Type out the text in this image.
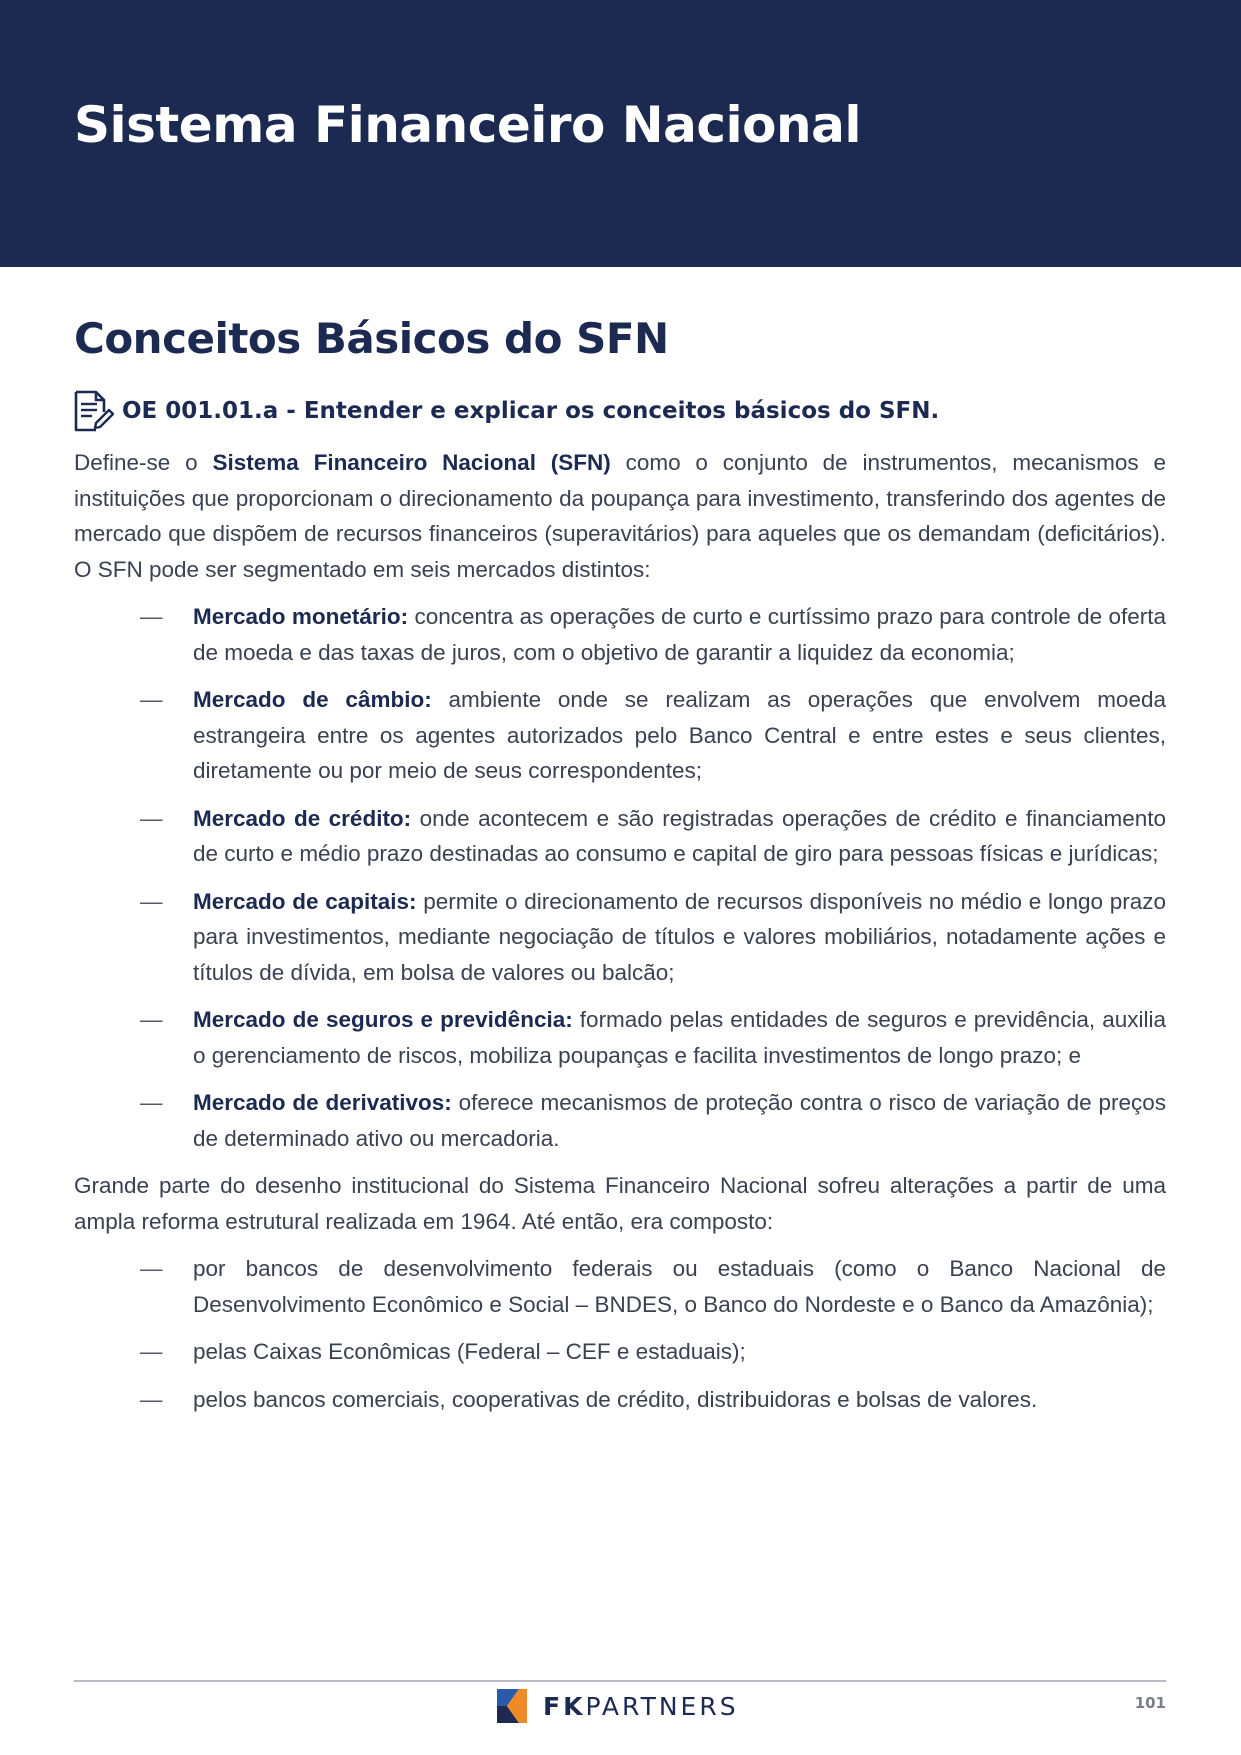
Sistema Financeiro Nacional
Conceitos Básicos do SFN
OE 001.01.a - Entender e explicar os conceitos básicos do SFN.

Define-se o Sistema Financeiro Nacional (SFN) como o conjunto de instrumentos, mecanismos e instituições que proporcionam o direcionamento da poupança para investimento, transferindo dos agentes de mercado que dispõem de recursos financeiros (superavitários) para aqueles que os demandam (deficitários). O SFN pode ser segmentado em seis mercados distintos:

— Mercado monetário: concentra as operações de curto e curtíssimo prazo para controle de oferta de moeda e das taxas de juros, com o objetivo de garantir a liquidez da economia;
— Mercado de câmbio: ambiente onde se realizam as operações que envolvem moeda estrangeira entre os agentes autorizados pelo Banco Central e entre estes e seus clientes, diretamente ou por meio de seus correspondentes;
— Mercado de crédito: onde acontecem e são registradas operações de crédito e financiamento de curto e médio prazo destinadas ao consumo e capital de giro para pessoas físicas e jurídicas;
— Mercado de capitais: permite o direcionamento de recursos disponíveis no médio e longo prazo para investimentos, mediante negociação de títulos e valores mobiliários, notadamente ações e títulos de dívida, em bolsa de valores ou balcão;
— Mercado de seguros e previdência: formado pelas entidades de seguros e previdência, auxilia o gerenciamento de riscos, mobiliza poupanças e facilita investimentos de longo prazo; e
— Mercado de derivativos: oferece mecanismos de proteção contra o risco de variação de preços de determinado ativo ou mercadoria.

Grande parte do desenho institucional do Sistema Financeiro Nacional sofreu alterações a partir de uma ampla reforma estrutural realizada em 1964. Até então, era composto:

— por bancos de desenvolvimento federais ou estaduais (como o Banco Nacional de Desenvolvimento Econômico e Social – BNDES, o Banco do Nordeste e o Banco da Amazônia);
— pelas Caixas Econômicas (Federal – CEF e estaduais);
— pelos bancos comerciais, cooperativas de crédito, distribuidoras e bolsas de valores.
FKPARTNERS	101
